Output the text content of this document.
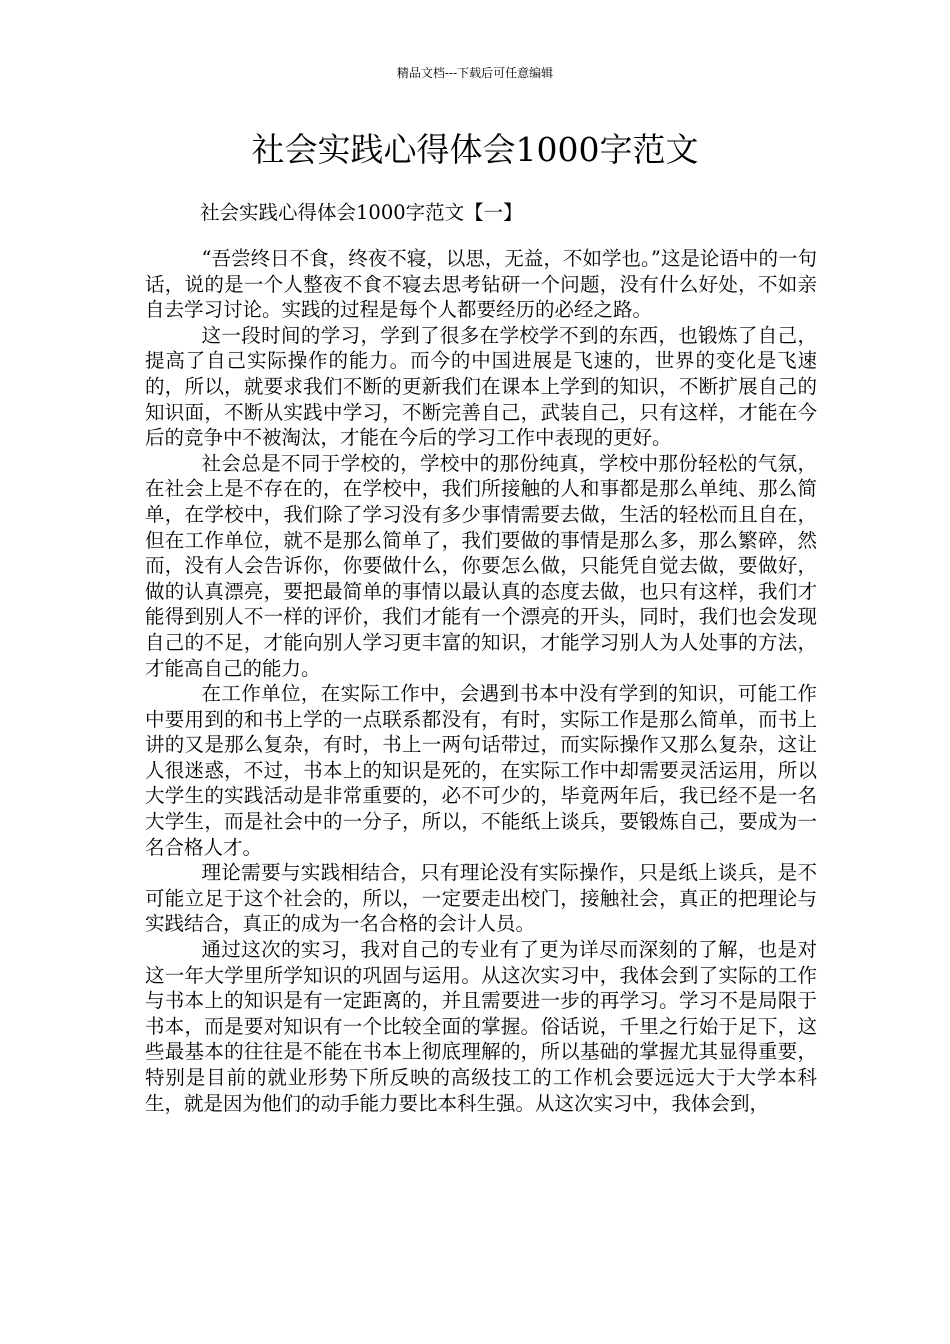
精品文档---下载后可任意编辑
社会实践心得体会1000字范文
社会实践心得体会1000字范文【一】

“吾尝终日不食，终夜不寝，以思，无益，不如学也。”这是论语中的一句话，说的是一个人整夜不食不寝去思考钻研一个问题，没有什么好处，不如亲自去学习讨论。实践的过程是每个人都要经历的必经之路。

这一段时间的学习，学到了很多在学校学不到的东西，也锻炼了自己，提高了自己实际操作的能力。而今的中国进展是飞速的，世界的变化是飞速的，所以，就要求我们不断的更新我们在课本上学到的知识，不断扩展自己的知识面，不断从实践中学习，不断完善自己，武装自己，只有这样，才能在今后的竞争中不被淘汰，才能在今后的学习工作中表现的更好。

社会总是不同于学校的，学校中的那份纯真，学校中那份轻松的气氛，在社会上是不存在的，在学校中，我们所接触的人和事都是那么单纯、那么简单，在学校中，我们除了学习没有多少事情需要去做，生活的轻松而且自在，但在工作单位，就不是那么简单了，我们要做的事情是那么多，那么繁碎，然而，没有人会告诉你，你要做什么，你要怎么做，只能凭自觉去做，要做好，做的认真漂亮，要把最简单的事情以最认真的态度去做，也只有这样，我们才能得到别人不一样的评价，我们才能有一个漂亮的开头，同时，我们也会发现自己的不足，才能向别人学习更丰富的知识，才能学习别人为人处事的方法，才能高自己的能力。

在工作单位，在实际工作中，会遇到书本中没有学到的知识，可能工作中要用到的和书上学的一点联系都没有，有时，实际工作是那么简单，而书上讲的又是那么复杂，有时，书上一两句话带过，而实际操作又那么复杂，这让人很迷惑，不过，书本上的知识是死的，在实际工作中却需要灵活运用，所以大学生的实践活动是非常重要的，必不可少的，毕竟两年后，我已经不是一名大学生，而是社会中的一分子，所以，不能纸上谈兵，要锻炼自己，要成为一名合格人才。

理论需要与实践相结合，只有理论没有实际操作，只是纸上谈兵，是不可能立足于这个社会的，所以，一定要走出校门，接触社会，真正的把理论与实践结合，真正的成为一名合格的会计人员。

通过这次的实习，我对自己的专业有了更为详尽而深刻的了解，也是对这一年大学里所学知识的巩固与运用。从这次实习中，我体会到了实际的工作与书本上的知识是有一定距离的，并且需要进一步的再学习。学习不是局限于书本，而是要对知识有一个比较全面的掌握。俗话说，千里之行始于足下，这些最基本的往往是不能在书本上彻底理解的，所以基础的掌握尤其显得重要，特别是目前的就业形势下所反映的高级技工的工作机会要远远大于大学本科生，就是因为他们的动手能力要比本科生强。从这次实习中，我体会到，
